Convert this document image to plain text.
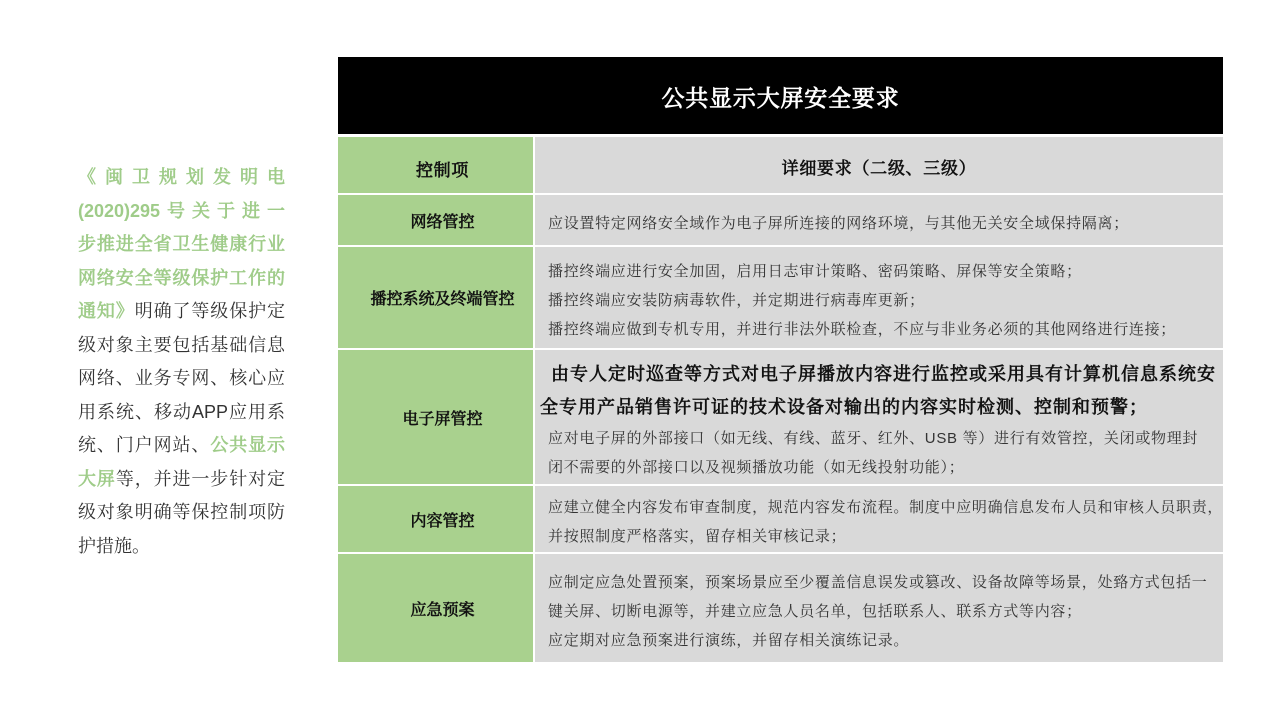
《闽卫规划发明电
(2020)295号关于进一
步推进全省卫生健康行业
网络安全等级保护工作的
通知》明确了等级保护定
级对象主要包括基础信息
网络、业务专网、核心应
用系统、移动APP应用系
统、门户网站、公共显示
大屏等，并进一步针对定
级对象明确等保控制项防
护措施。
公共显示大屏安全要求
控制项	详细要求（二级、三级）
网络管控	应设置特定网络安全域作为电子屏所连接的网络环境，与其他无关安全域保持隔离；
播控系统及终端管控
播控终端应进行安全加固，启用日志审计策略、密码策略、屏保等安全策略；
播控终端应安装防病毒软件，并定期进行病毒库更新；
播控终端应做到专机专用，并进行非法外联检查，不应与非业务必须的其他网络进行连接；
电子屏管控
由专人定时巡查等方式对电子屏播放内容进行监控或采用具有计算机信息系统安
全专用产品销售许可证的技术设备对输出的内容实时检测、控制和预警；
应对电子屏的外部接口（如无线、有线、蓝牙、红外、USB 等）进行有效管控，关闭或物理封
闭不需要的外部接口以及视频播放功能（如无线投射功能）；
内容管控
应建立健全内容发布审查制度，规范内容发布流程。制度中应明确信息发布人员和审核人员职责，
并按照制度严格落实，留存相关审核记录；
应急预案
应制定应急处置预案，预案场景应至少覆盖信息误发或篡改、设备故障等场景，处臵方式包括一
键关屏、切断电源等，并建立应急人员名单，包括联系人、联系方式等内容；
应定期对应急预案进行演练，并留存相关演练记录。
